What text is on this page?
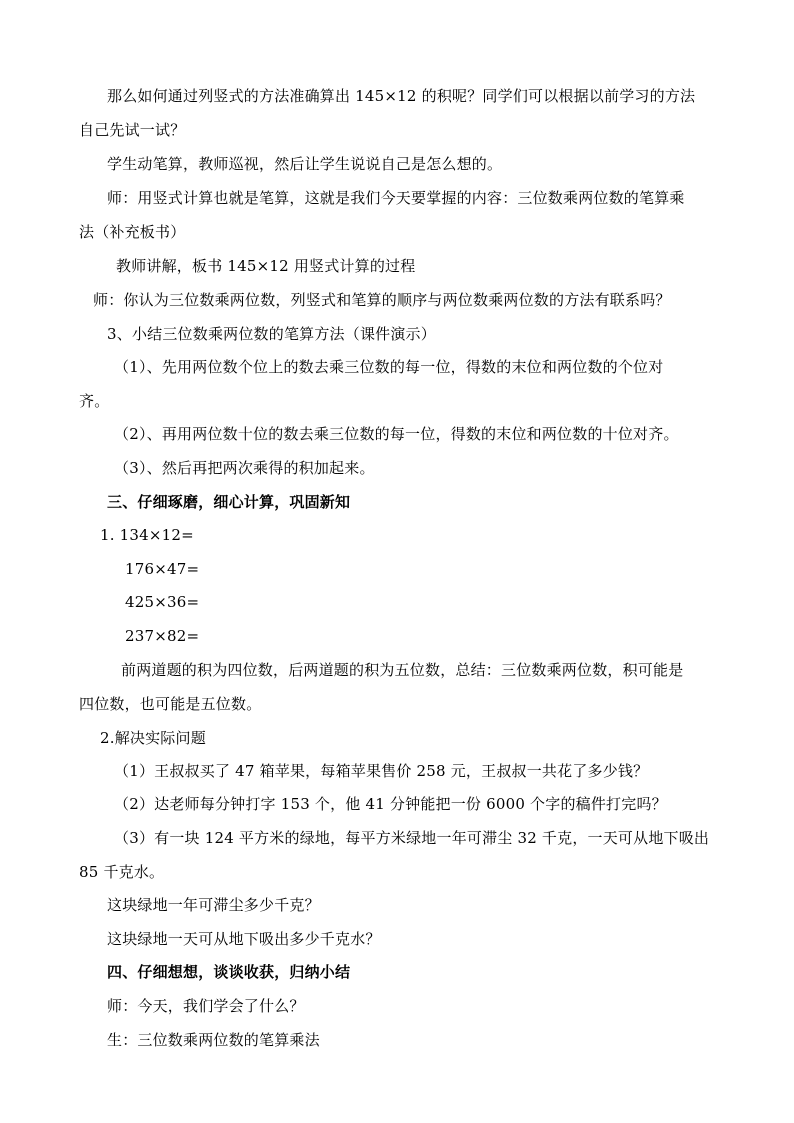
那么如何通过列竖式的方法准确算出 145×12 的积呢？同学们可以根据以前学习的方法
自己先试一试？
学生动笔算，教师巡视，然后让学生说说自己是怎么想的。
师：用竖式计算也就是笔算，这就是我们今天要掌握的内容：三位数乘两位数的笔算乘
法（补充板书）
教师讲解，板书 145×12 用竖式计算的过程
师：你认为三位数乘两位数，列竖式和笔算的顺序与两位数乘两位数的方法有联系吗？
3、小结三位数乘两位数的笔算方法（课件演示）
（1）、先用两位数个位上的数去乘三位数的每一位，得数的末位和两位数的个位对
齐。
（2）、再用两位数十位的数去乘三位数的每一位，得数的末位和两位数的十位对齐。
（3）、然后再把两次乘得的积加起来。
三、仔细琢磨，细心计算，巩固新知
1. 134×12=
176×47=
425×36=
237×82=
前两道题的积为四位数，后两道题的积为五位数，总结：三位数乘两位数，积可能是
四位数，也可能是五位数。
2.解决实际问题
（1）王叔叔买了 47 箱苹果，每箱苹果售价 258 元，王叔叔一共花了多少钱？
（2）达老师每分钟打字 153 个，他 41 分钟能把一份 6000 个字的稿件打完吗？
（3）有一块 124 平方米的绿地，每平方米绿地一年可滞尘 32 千克，一天可从地下吸出
85 千克水。
这块绿地一年可滞尘多少千克？
这块绿地一天可从地下吸出多少千克水？
四、仔细想想，谈谈收获，归纳小结
师：今天，我们学会了什么？
生：三位数乘两位数的笔算乘法
